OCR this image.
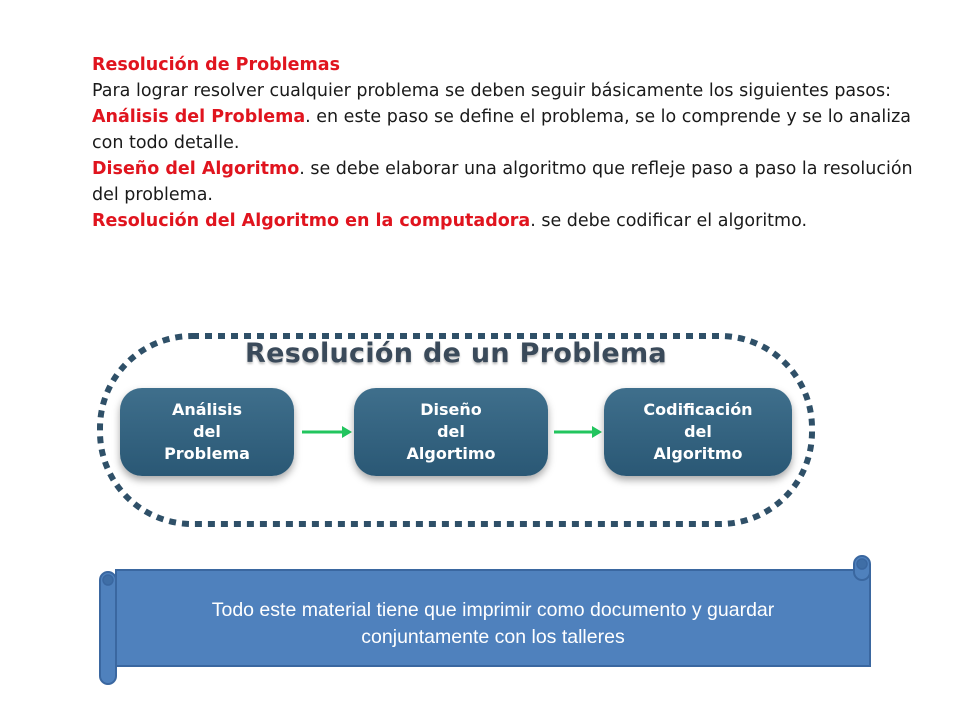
Resolución de Problemas

Para lograr resolver cualquier problema se deben seguir básicamente los siguientes pasos:

Análisis del Problema. en este paso se define el problema, se lo comprende y se lo analiza con todo detalle.

Diseño del Algoritmo. se debe elaborar una algoritmo que refleje paso a paso la resolución del problema.

Resolución del Algoritmo en la computadora. se debe codificar el algoritmo.

Resolución de un Problema
Análisis
del
Problema
Diseño
del
Algortimo
Codificación
del
Algoritmo
Todo este material tiene que imprimir como documento y guardar
conjuntamente con los talleres
